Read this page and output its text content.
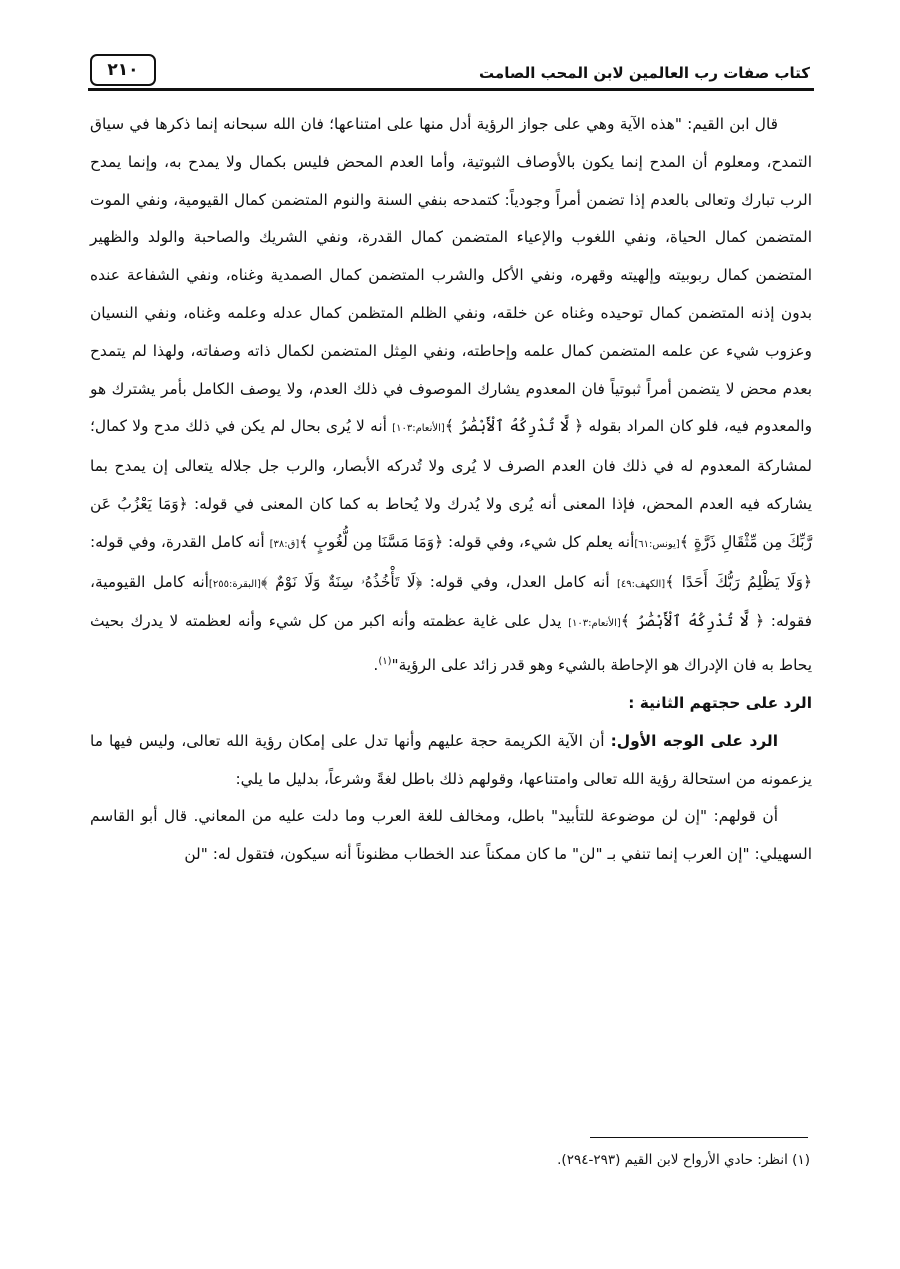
كتاب صفات رب العالمين لابن المحب الصامت
٢١٠

قال ابن القيم: "هذه الآية وهي على جواز الرؤية أدل منها على امتناعها؛ فان الله سبحانه إنما ذكرها في سياق التمدح، ومعلوم أن المدح إنما يكون بالأوصاف الثبوتية، وأما العدم المحض فليس بكمال ولا يمدح به، وإنما يمدح الرب تبارك وتعالى بالعدم إذا تضمن أمراً وجودياً: كتمدحه بنفي السنة والنوم المتضمن كمال القيومية، ونفي الموت المتضمن كمال الحياة، ونفي اللغوب والإعياء المتضمن كمال القدرة، ونفي الشريك والصاحبة والولد والظهير المتضمن كمال ربوبيته وإلهيته وقهره، ونفي الأكل والشرب المتضمن كمال الصمدية وغناه، ونفي الشفاعة عنده بدون إذنه المتضمن كمال توحيده وغناه عن خلقه، ونفي الظلم المتظمن كمال عدله وعلمه وغناه، ونفي النسيان وعزوب شيء عن علمه المتضمن كمال علمه وإحاطته، ونفي المِثل المتضمن لكمال ذاته وصفاته، ولهذا لم يتمدح بعدم محض لا يتضمن أمراً ثبوتياً فان المعدوم يشارك الموصوف في ذلك العدم، ولا يوصف الكامل بأمر يشترك هو والمعدوم فيه، فلو كان المراد بقوله ﴿ لَّا تُدْرِكُهُ ٱلْأَبْصَٰرُ ﴾[الأنعام:١٠٣] أنه لا يُرى بحال لم يكن في ذلك مدح ولا كمال؛ لمشاركة المعدوم له في ذلك فان العدم الصرف لا يُرى ولا تُدركه الأبصار، والرب جل جلاله يتعالى إن يمدح بما يشاركه فيه العدم المحض، فإذا المعنى أنه يُرى ولا يُدرك ولا يُحاط به كما كان المعنى في قوله: ﴿وَمَا يَعْزُبُ عَن رَّبِّكَ مِن مِّثْقَالِ ذَرَّةٍ ﴾[يونس:٦١]أنه يعلم كل شيء، وفي قوله: ﴿وَمَا مَسَّنَا مِن لُّغُوبٍ ﴾[ق:٣٨] أنه كامل القدرة، وفي قوله: ﴿وَلَا يَظْلِمُ رَبُّكَ أَحَدًا ﴾[الكهف:٤٩] أنه كامل العدل، وفي قوله: ﴿لَا تَأْخُذُهُۥ سِنَةٌ وَلَا نَوْمٌ ﴾[البقرة:٢٥٥]أنه كامل القيومية، فقوله: ﴿ لَّا تُدْرِكُهُ ٱلْأَبْصَٰرُ ﴾[الأنعام:١٠٣] يدل على غاية عظمته وأنه اكبر من كل شيء وأنه لعظمته لا يدرك بحيث يحاط به فان الإدراك هو الإحاطة بالشيء وهو قدر زائد على الرؤية"$^{(١)}$.

الرد على حجتهم الثانية :

الرد على الوجه الأول: أن الآية الكريمة حجة عليهم وأنها تدل على إمكان رؤية الله تعالى، وليس فيها ما يزعمونه من استحالة رؤية الله تعالى وامتناعها، وقولهم ذلك باطل لغةً وشرعاً، بدليل ما يلي:

أن قولهم: "إن لن موضوعة للتأبيد" باطل، ومخالف للغة العرب وما دلت عليه من المعاني. قال أبو القاسم السهيلي: "إن العرب إنما تنفي بـ "لن" ما كان ممكناً عند الخطاب مظنوناً أنه سيكون، فتقول له: "لن

(١) انظر: حادي الأرواح لابن القيم (٢٩٣-٢٩٤).
